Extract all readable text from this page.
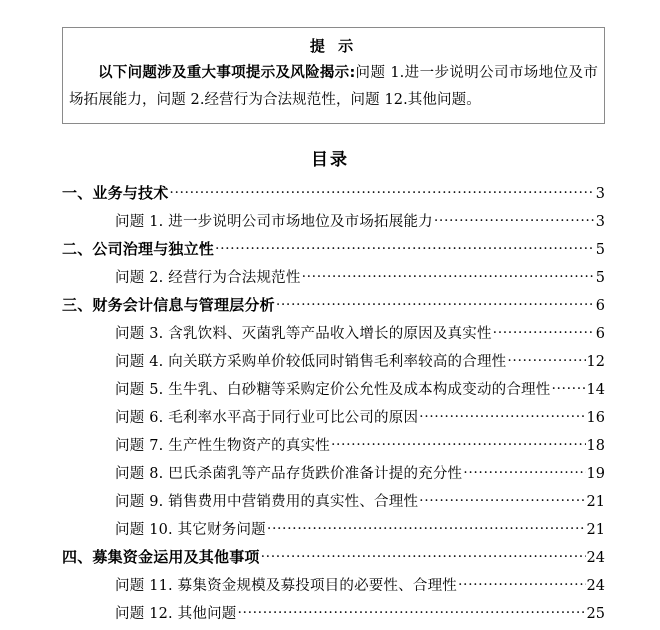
提 示
以下问题涉及重大事项提示及风险揭示:问题 1.进一步说明公司市场地位及市场拓展能力，问题 2.经营行为合法规范性，问题 12.其他问题。
目录
一、业务与技术 .....	3
问题 1. 进一步说明公司市场地位及市场拓展能力 .....	3
二、公司治理与独立性 .....	5
问题 2. 经营行为合法规范性 .....	5
三、财务会计信息与管理层分析 .....	6
问题 3. 含乳饮料、灭菌乳等产品收入增长的原因及真实性 .....	6
问题 4. 向关联方采购单价较低同时销售毛利率较高的合理性 .....	12
问题 5. 生牛乳、白砂糖等采购定价公允性及成本构成变动的合理性 ..... 14
问题 6. 毛利率水平高于同行业可比公司的原因 .....	16
问题 7. 生产性生物资产的真实性 .....	18
问题 8. 巴氏杀菌乳等产品存货跌价准备计提的充分性 .....	19
问题 9. 销售费用中营销费用的真实性、合理性 .....	21
问题 10. 其它财务问题 .....	21
四、募集资金运用及其他事项 .....	24
问题 11. 募集资金规模及募投项目的必要性、合理性 .....	24
问题 12. 其他问题 .....	25
